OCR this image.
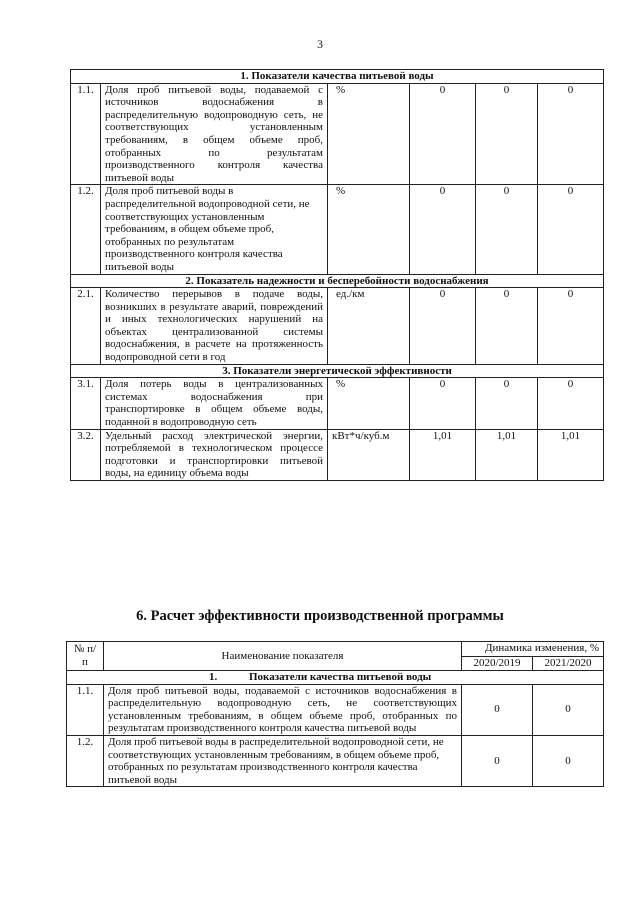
3
1. Показатели качества питьевой воды					
1.1.	Доля проб питьевой воды, подаваемой с источников водоснабжения в распределительную водопроводную сеть, не соответствующих установленным требованиям, в общем объеме проб, отобранных по результатам производственного контроля качества питьевой воды	%	0	0	0
1.2.	Доля проб питьевой воды в распределительной водопроводной сети, не соответствующих установленным требованиям, в общем объеме проб, отобранных по результатам производственного контроля качества питьевой воды	%	0	0	0
2. Показатель надежности и бесперебойности водоснабжения					
2.1.	Количество перерывов в подаче воды, возникших в результате аварий, повреждений и иных технологических нарушений на объектах централизованной системы водоснабжения, в расчете на протяженность водопроводной сети в год	ед./км	0	0	0
3. Показатели энергетической эффективности					
3.1.	Доля потерь воды в централизованных системах водоснабжения при транспортировке в общем объеме воды, поданной в водопроводную сеть	%	0	0	0
3.2.	Удельный расход электрической энергии, потребляемой в технологическом процессе подготовки и транспортировки питьевой воды, на единицу объема воды	кВт*ч/куб.м	1,01	1,01	1,01
6. Расчет эффективности производственной программы
№ п/п	Наименование показателя	Динамика изменения, %	
		2020/2019	2021/2020
1. Показатели качества питьевой воды			
1.1.	Доля проб питьевой воды, подаваемой с источников водоснабжения в распределительную водопроводную сеть, не соответствующих установленным требованиям, в общем объеме проб, отобранных по результатам производственного контроля качества питьевой воды	0	0
1.2.	Доля проб питьевой воды в распределительной водопроводной сети, не соответствующих установленным требованиям, в общем объеме проб, отобранных по результатам производственного контроля качества питьевой воды	0	0
